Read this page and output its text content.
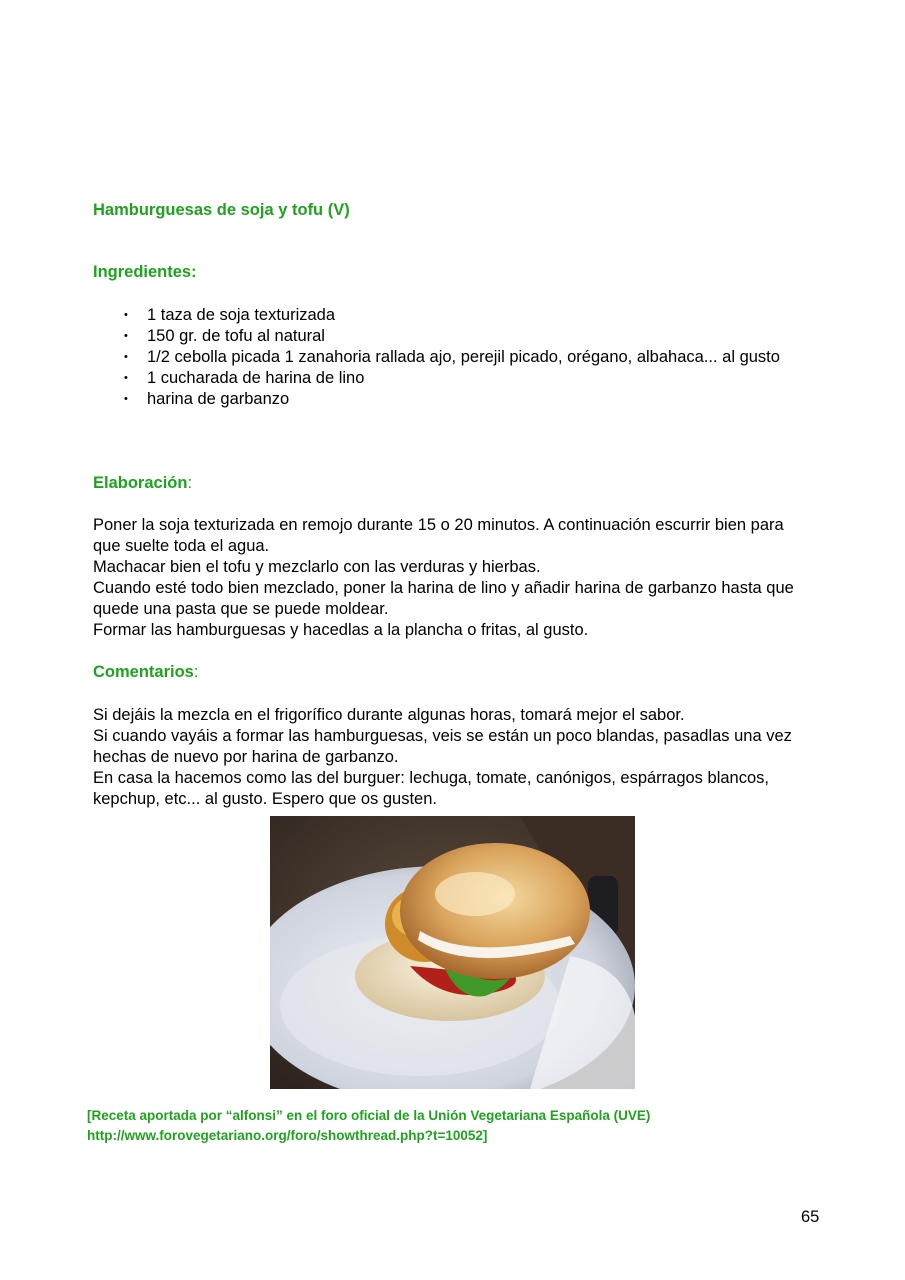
Hamburguesas de soja y tofu (V)
Ingredientes:
• 1 taza de soja texturizada
• 150 gr. de tofu al natural
• 1/2 cebolla picada 1 zanahoria rallada ajo, perejil picado, orégano, albahaca... al gusto
• 1 cucharada de harina de lino
• harina de garbanzo
Elaboración:
Poner la soja texturizada en remojo durante 15 o 20 minutos. A continuación escurrir bien para que suelte toda el agua.
Machacar bien el tofu y mezclarlo con las verduras y hierbas.
Cuando esté todo bien mezclado, poner la harina de lino y añadir harina de garbanzo hasta que quede una pasta que se puede moldear.
Formar las hamburguesas y hacedlas a la plancha o fritas, al gusto.
Comentarios:
Si dejáis la mezcla en el frigorífico durante algunas horas, tomará mejor el sabor.
Si cuando vayáis a formar las hamburguesas, veis se están un poco blandas, pasadlas una vez hechas de nuevo por harina de garbanzo.
En casa la hacemos como las del burguer: lechuga, tomate, canónigos, espárragos blancos, kepchup, etc... al gusto. Espero que os gusten.
[Receta aportada por “alfonsi” en el foro oficial de la Unión Vegetariana Española (UVE)
http://www.forovegetariano.org/foro/showthread.php?t=10052]
65
